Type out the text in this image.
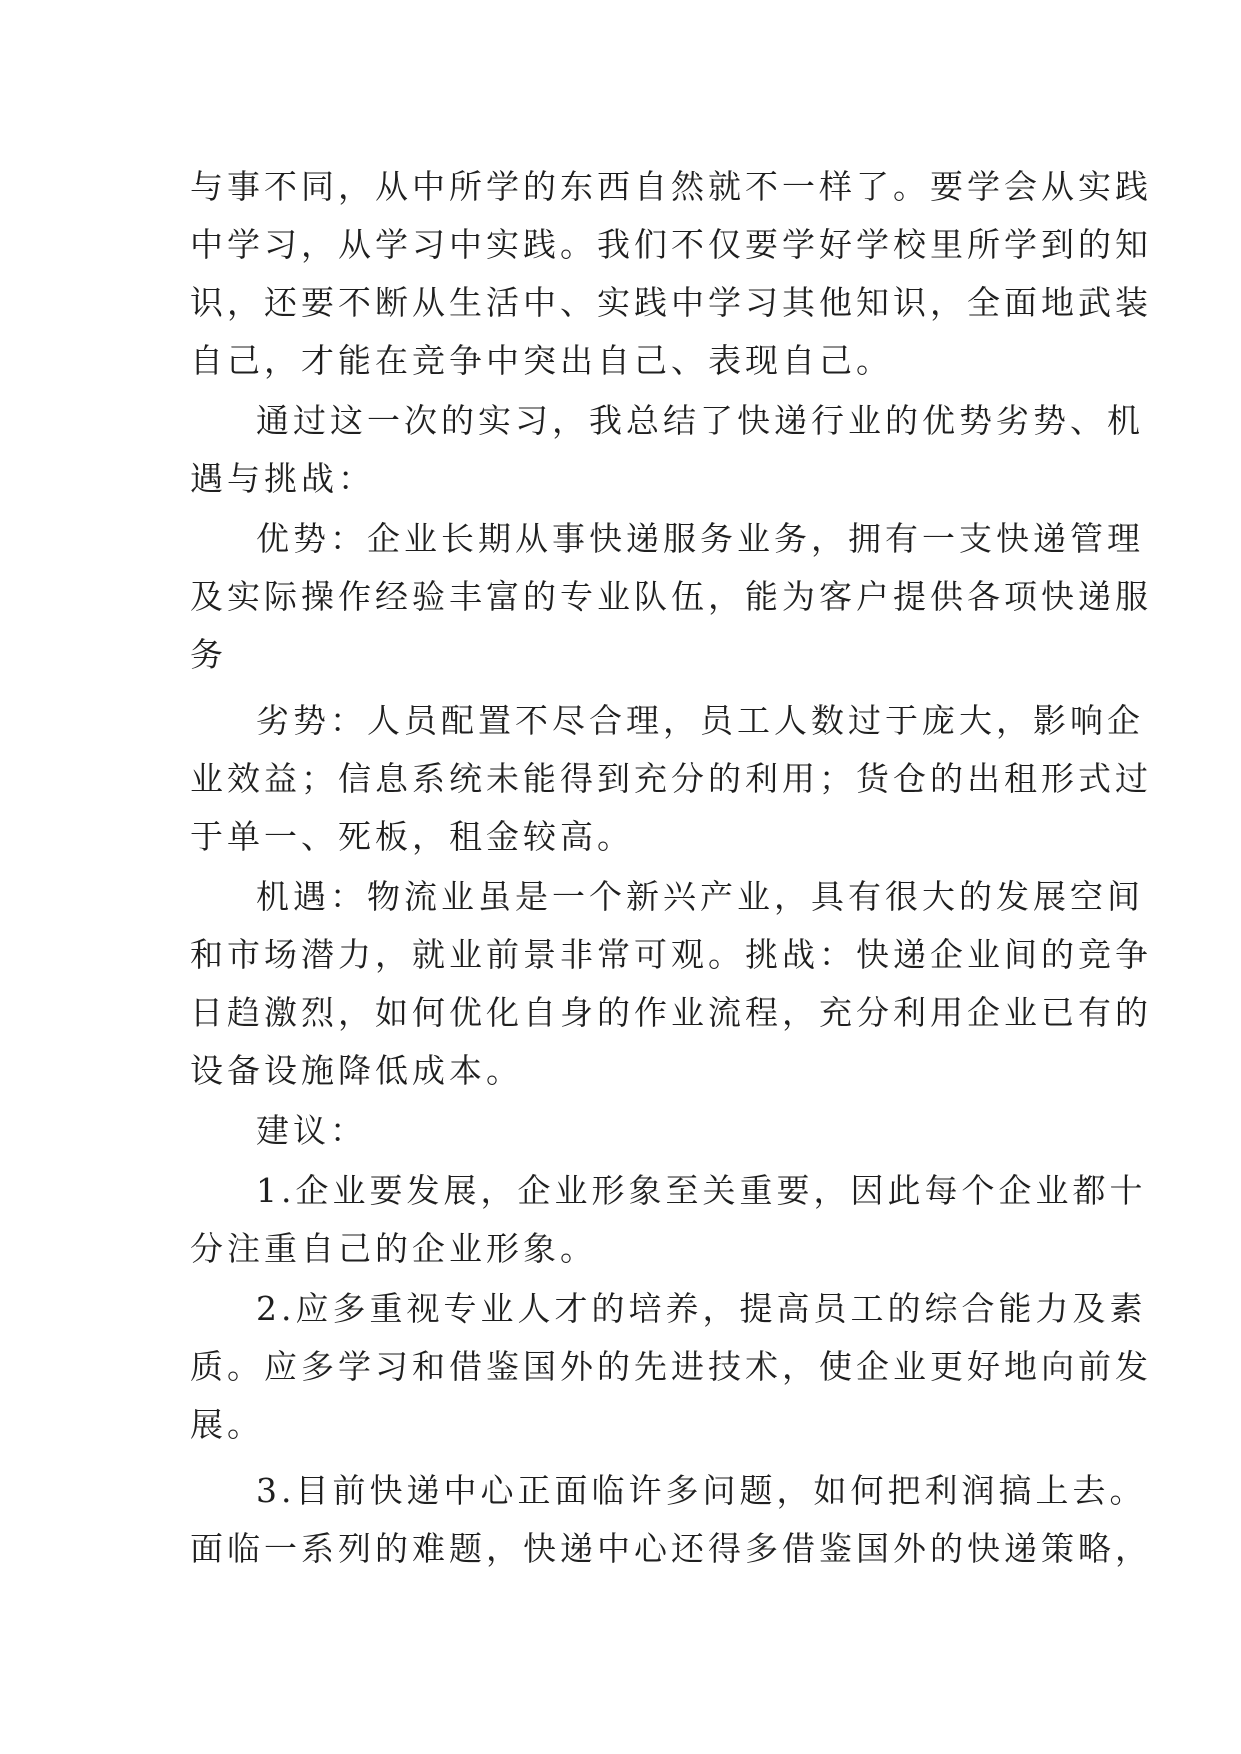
与事不同，从中所学的东西自然就不一样了。要学会从实践
中学习，从学习中实践。我们不仅要学好学校里所学到的知
识，还要不断从生活中、实践中学习其他知识，全面地武装
自己，才能在竞争中突出自己、表现自己。
通过这一次的实习，我总结了快递行业的优势劣势、机
遇与挑战：
优势：企业长期从事快递服务业务，拥有一支快递管理
及实际操作经验丰富的专业队伍，能为客户提供各项快递服
务
劣势：人员配置不尽合理，员工人数过于庞大，影响企
业效益；信息系统未能得到充分的利用；货仓的出租形式过
于单一、死板，租金较高。
机遇：物流业虽是一个新兴产业，具有很大的发展空间
和市场潜力，就业前景非常可观。挑战：快递企业间的竞争
日趋激烈，如何优化自身的作业流程，充分利用企业已有的
设备设施降低成本。
建议：
1.企业要发展，企业形象至关重要，因此每个企业都十
分注重自己的企业形象。
2.应多重视专业人才的培养，提高员工的综合能力及素
质。应多学习和借鉴国外的先进技术，使企业更好地向前发
展。
3.目前快递中心正面临许多问题，如何把利润搞上去。
面临一系列的难题，快递中心还得多借鉴国外的快递策略，
